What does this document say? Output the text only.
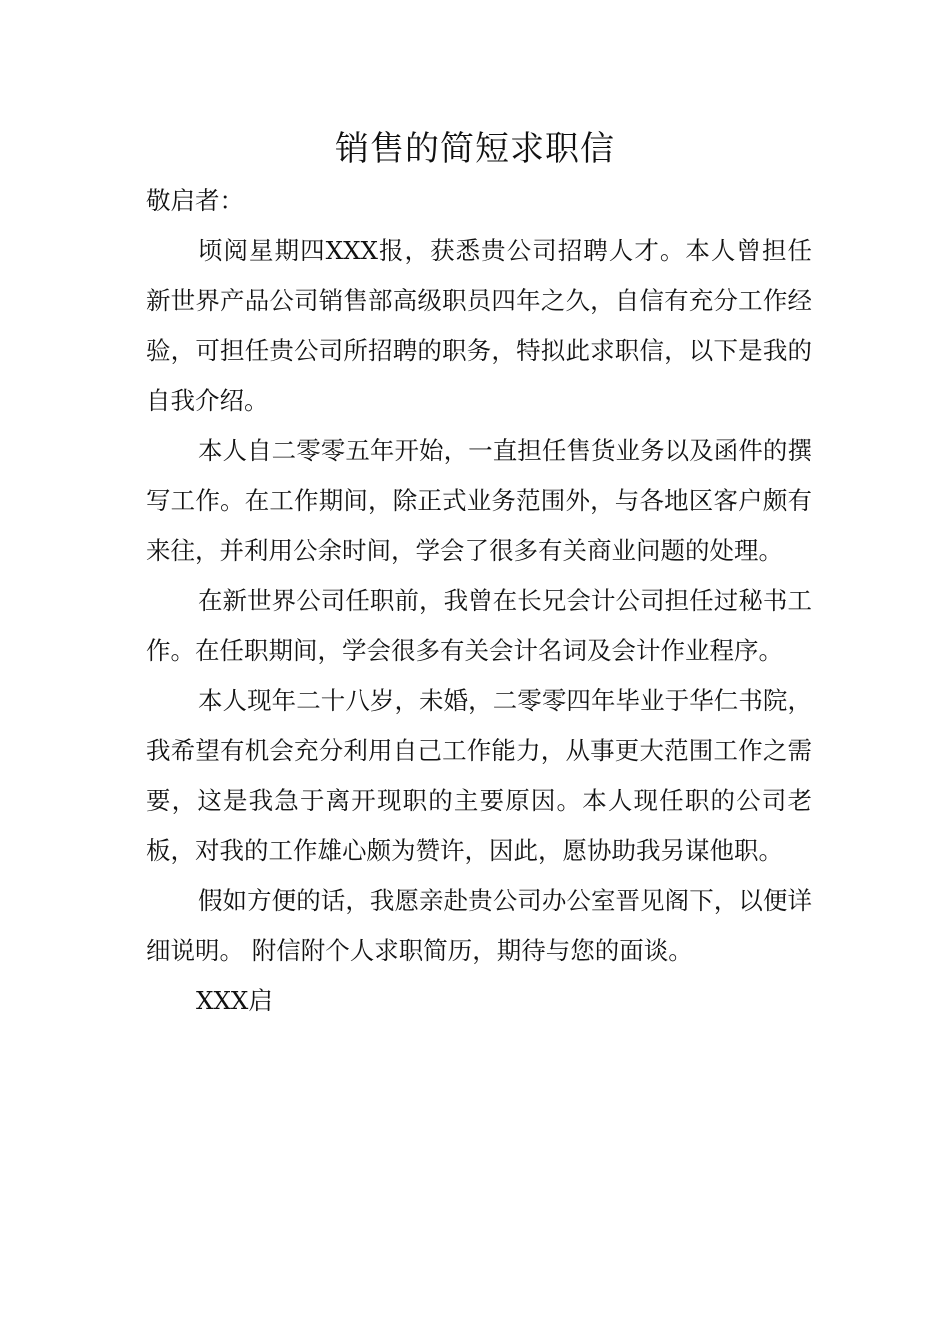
销售的简短求职信

敬启者：

顷阅星期四XXX报，获悉贵公司招聘人才。本人曾担任新世界产品公司销售部高级职员四年之久，自信有充分工作经验，可担任贵公司所招聘的职务，特拟此求职信，以下是我的自我介绍。

本人自二零零五年开始，一直担任售货业务以及函件的撰写工作。在工作期间，除正式业务范围外，与各地区客户颇有来往，并利用公余时间，学会了很多有关商业问题的处理。

在新世界公司任职前，我曾在长兄会计公司担任过秘书工作。在任职期间，学会很多有关会计名词及会计作业程序。

本人现年二十八岁，未婚，二零零四年毕业于华仁书院，我希望有机会充分利用自己工作能力，从事更大范围工作之需要，这是我急于离开现职的主要原因。本人现任职的公司老板，对我的工作雄心颇为赞许，因此，愿协助我另谋他职。

假如方便的话，我愿亲赴贵公司办公室晋见阁下，以便详细说明。 附信附个人求职简历，期待与您的面谈。

XXX启
